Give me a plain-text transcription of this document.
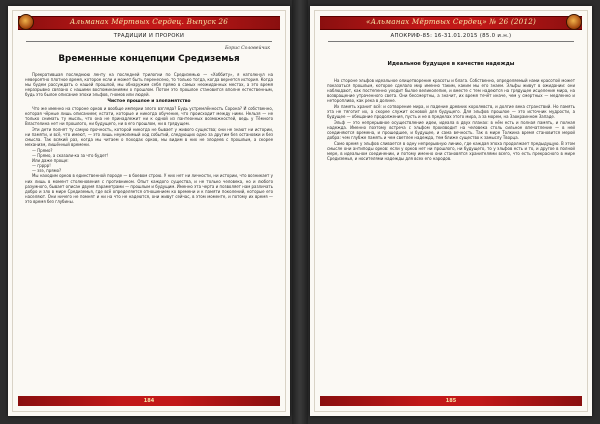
Альманах Мёртвых Сердец. Выпуск 26
ТРАДИЦИИ И ПРОРОКИ
Борис Соловейчик
Временные концепции Средиземья

Прекратившая последнюю ленту на последней трилогии по Средиземью — «Хоббиту», я натолкнул на невероятно плотное время, которое если и может быть перенесено, то только тогда, когда вернется история. Когда мы будем рассуждать о нашей прошлой, мы обнаружим себя прямо в самых неожиданных местах, а это время неразрывно связано с нашими воспоминаниями о прошлом. Потом это прошлое становится вполне естественным, будь это былое описание эпохи эльфов, гномов или людей.

Чистое прошлое и злопамятство

Что же именно на стороне орков и вообще империи злого взгляда? Будь устремлённость Сорона? И собственно, которая чёрные лишь описанием; кстати, которые и никогда обучение, что происходит между ними. Нельзя — не только снимать ту мысль, что она не принадлежит ни к одной из пантеонных возможностей, ведь у Тёмного Властелина нет ни прошлого, ни будущего, ни в его прошлом, ни в грядущем.

Эти дети полнят ту самую прочность, которой никогда не бывает у живого существа; они не знают ни истории, ни памяти, и всё, что имеют, — это лишь неумолимый ход событий, следующих одно за другим без остановки и без смысла. Так всякий раз, когда мы читаем о походах орков, мы видим в них не злодеев с прошлым, а скорее механизм, лишённый времени.

— Прямо?

— Прямо, а сказали-ка за что будет!

Или даже проще:

— грррр!

— эээ, прямо?

Мы находим орков в единственной породе — в боевом строю. У них нет ни личности, ни истории, что возникает у них лишь в момент столкновения с противником. Опыт каждого существа, и не только человека, но и любого разумного, бывает описан двумя параметрами — прошлым и будущим. Именно эта черта и позволяет нам различать добро и зло в мире Средиземья, где всё определяется отношением ко времени и к памяти поколений, которые его населяют. Они ничего не помнят и ни на что не надеются, они живут сейчас, в этом моменте, и потому их время — это время без глубины.

184
«Альманах Мёртвых Сердец» № 26 (2012)
АПОКРИФ-85: 16-31.01.2015 (85.0 и.н.)
Идеальное будущее в качестве надежды

На стороне эльфов идеальное олицетворение красоты и блага. Собственно, определяемый нами красотой может показаться прошлым, которое сделало мир именно таким, каким мы его знаем. Эльфы живут в ожидании: они наблюдают, как постепенно уходит былое великолепие, и вместе с тем надеются на грядущее исцеление мира, на возвращение утраченного света. Они бессмертны, а значит, их время течёт иначе, чем у смертных — медленно и неторопливо, как река в долине.

Их память хранит всё: и сотворение мира, и падение древних королевств, и долгие века странствий. Но память эта не тяготит их, а скорее служит основой для будущего. Для эльфов прошлое — это источник мудрости, а будущее — обещание продолжения, пусть и не в пределах этого мира, а за морем, на Заокраинном Западе.

Эльф — это непрерывное осуществление идеи, идеала в двух планах: в нём есть и полная память, и полная надежда. Именно поэтому встреча с эльфом производит на человека столь сильное впечатление — в ней соединяются времена, и прошедшее, и будущее, и сама вечность. Так в мире Толкина время становится мерой добра: чем глубже память и чем светлее надежда, тем ближе существо к замыслу Творца.

Само время у эльфов сливается в одну непрерывную линию, где каждая эпоха продолжает предыдущую. В этом смысле они антиподы орков: если у орков нет ни прошлого, ни будущего, то у эльфов есть и то, и другое в полной мере, в идеальном соединении, и потому именно они становятся хранителями всего, что есть прекрасного в мире Средиземья, и носителями надежды для всех его народов.

185
